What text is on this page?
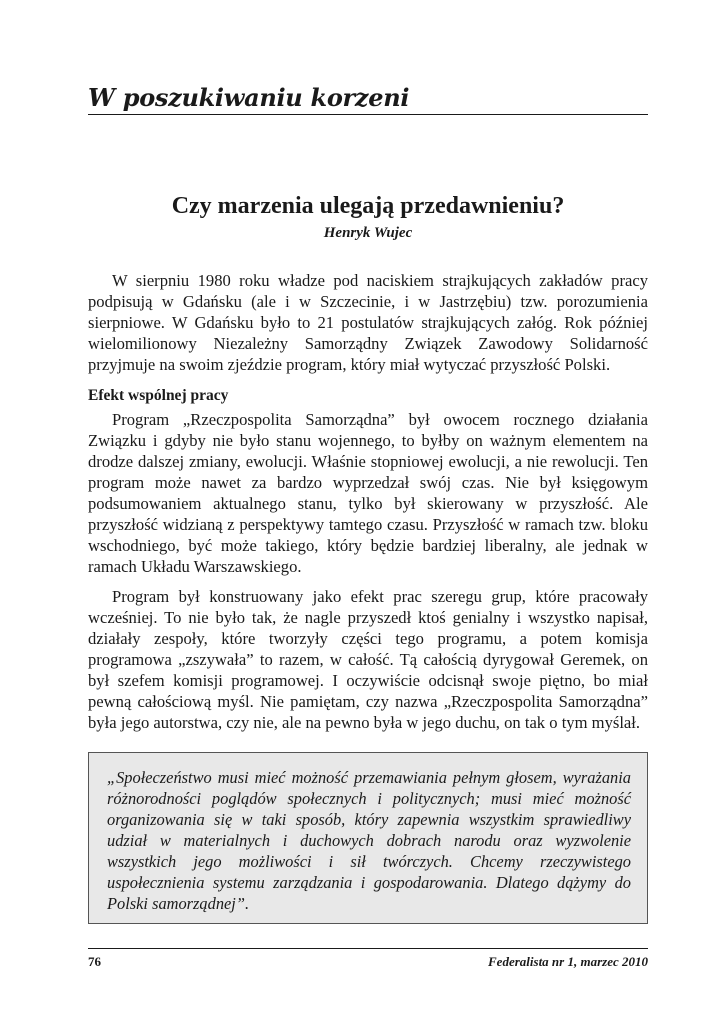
W poszukiwaniu korzeni
Czy marzenia ulegają przedawnieniu?
Henryk Wujec

W sierpniu 1980 roku władze pod naciskiem strajkujących zakładów pracy podpisują w Gdańsku (ale i w Szczecinie, i w Jastrzębiu) tzw. porozumienia sierpniowe. W Gdańsku było to 21 postulatów strajkujących załóg. Rok później wielomilionowy Niezależny Samorządny Związek Zawodowy Solidarność przyjmuje na swoim zjeździe program, który miał wytyczać przyszłość Polski.

Efekt wspólnej pracy

Program „Rzeczpospolita Samorządna” był owocem rocznego działania Związku i gdyby nie było stanu wojennego, to byłby on ważnym elementem na drodze dalszej zmiany, ewolucji. Właśnie stopniowej ewolucji, a nie rewolucji. Ten program może nawet za bardzo wyprzedzał swój czas. Nie był księgowym podsumowaniem aktualnego stanu, tylko był skierowany w przyszłość. Ale przyszłość widzianą z perspektywy tamtego czasu. Przyszłość w ramach tzw. bloku wschodniego, być może takiego, który będzie bardziej liberalny, ale jednak w ramach Układu Warszawskiego.

Program był konstruowany jako efekt prac szeregu grup, które pracowały wcześniej. To nie było tak, że nagle przyszedł ktoś genialny i wszystko napisał, działały zespoły, które tworzyły części tego programu, a potem komisja programowa „zszywała” to razem, w całość. Tą całością dyrygował Geremek, on był szefem komisji programowej. I oczywiście odcisnął swoje piętno, bo miał pewną całościową myśl. Nie pamiętam, czy nazwa „Rzeczpospolita Samorządna” była jego autorstwa, czy nie, ale na pewno była w jego duchu, on tak o tym myślał.

„Społeczeństwo musi mieć możność przemawiania pełnym głosem, wyrażania różnorodności poglądów społecznych i politycznych; musi mieć możność organizowania się w taki sposób, który zapewnia wszystkim sprawiedliwy udział w materialnych i duchowych dobrach narodu oraz wyzwolenie wszystkich jego możliwości i sił twórczych. Chcemy rzeczywistego uspołecznienia systemu zarządzania i gospodarowania. Dlatego dążymy do Polski samorządnej”.
76	Federalista nr 1, marzec 2010
